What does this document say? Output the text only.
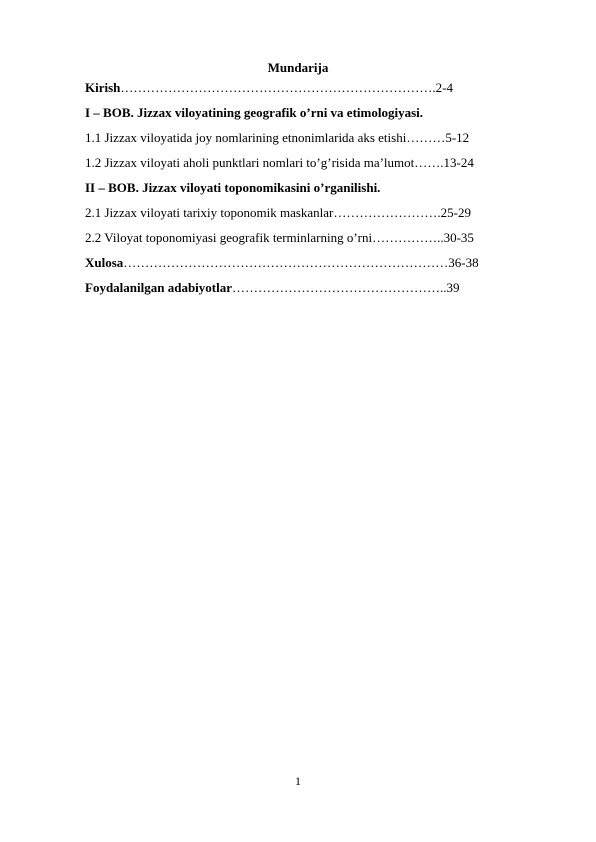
Mundarija
Kirish……………………………………………………………….2-4
I – BOB. Jizzax viloyatining geografik o’rni va etimologiyasi.
1.1 Jizzax viloyatida joy nomlarining etnonimlarida aks etishi………5-12
1.2 Jizzax viloyati aholi punktlari nomlari to’g’risida ma’lumot…….13-24
II – BOB. Jizzax viloyati toponomikasini o’rganilishi.
2.1 Jizzax viloyati tarixiy toponomik maskanlar…………………….25-29
2.2 Viloyat toponomiyasi geografik terminlarning o’rni……………..30-35
Xulosa…………………………………………………………………36-38
Foydalanilgan adabiyotlar…………………………………………..39
1
